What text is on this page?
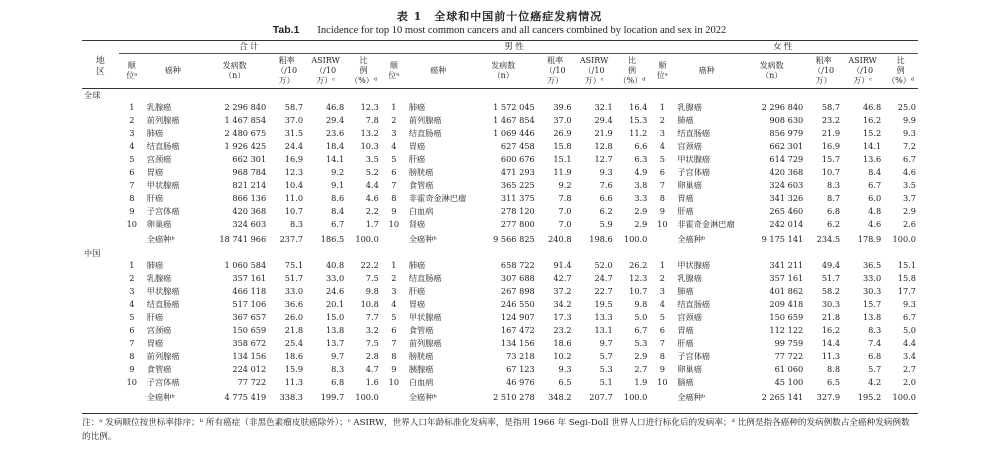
表 1　全球和中国前十位癌症发病情况
Tab.1 Incidence for top 10 most common cancers and all cancers combined by location and sex in 2022
地
区	合计						男性						女性					
	顺
位ᵃ	癌种	发病数
（n）	粗率
（/10
万）	ASIRW
（/10
万）ᶜ	比
例
（%）ᵈ	顺
位ᵃ	癌种	发病数
（n）	粗率
（/10
万）	ASIRW
（/10
万）ᶜ	比
例
（%）ᵈ	顺
位ᵃ	癌种	发病数
（n）	粗率
（/10
万）	ASIRW
（/10
万）ᶜ	比
例
（%）ᵈ
全球																		
	1	乳腺癌	2 296 840	58.7	46.8	12.3	1	肺癌	1 572 045	39.6	32.1	16.4	1	乳腺癌	2 296 840	58.7	46.8	25.0
	2	前列腺癌	1 467 854	37.0	29.4	7.8	2	前列腺癌	1 467 854	37.0	29.4	15.3	2	肺癌	908 630	23.2	16.2	9.9
	3	肺癌	2 480 675	31.5	23.6	13.2	3	结直肠癌	1 069 446	26.9	21.9	11.2	3	结直肠癌	856 979	21.9	15.2	9.3
	4	结直肠癌	1 926 425	24.4	18.4	10.3	4	胃癌	627 458	15.8	12.8	6.6	4	宫颈癌	662 301	16.9	14.1	7.2
	5	宫颈癌	662 301	16.9	14.1	3.5	5	肝癌	600 676	15.1	12.7	6.3	5	甲状腺癌	614 729	15.7	13.6	6.7
	6	胃癌	968 784	12.3	9.2	5.2	6	膀胱癌	471 293	11.9	9.3	4.9	6	子宫体癌	420 368	10.7	8.4	4.6
	7	甲状腺癌	821 214	10.4	9.1	4.4	7	食管癌	365 225	9.2	7.6	3.8	7	卵巢癌	324 603	8.3	6.7	3.5
	8	肝癌	866 136	11.0	8.6	4.6	8	非霍奇金淋巴瘤	311 375	7.8	6.6	3.3	8	胃癌	341 326	8.7	6.0	3.7
	9	子宫体癌	420 368	10.7	8.4	2.2	9	白血病	278 120	7.0	6.2	2.9	9	肝癌	265 460	6.8	4.8	2.9
	10	卵巢癌	324 603	8.3	6.7	1.7	10	肾癌	277 800	7.0	5.9	2.9	10	非霍奇金淋巴瘤	242 014	6.2	4.6	2.6
		全癌种ᵇ	18 741 966	237.7	186.5	100.0		全癌种ᵇ	9 566 825	240.8	198.6	100.0		全癌种ᵇ	9 175 141	234.5	178.9	100.0
中国																		
	1	肺癌	1 060 584	75.1	40.8	22.2	1	肺癌	658 722	91.4	52.0	26.2	1	甲状腺癌	341 211	49.4	36.5	15.1
	2	乳腺癌	357 161	51.7	33.0	7.5	2	结直肠癌	307 688	42.7	24.7	12.3	2	乳腺癌	357 161	51.7	33.0	15.8
	3	甲状腺癌	466 118	33.0	24.6	9.8	3	肝癌	267 898	37.2	22.7	10.7	3	肺癌	401 862	58.2	30.3	17.7
	4	结直肠癌	517 106	36.6	20.1	10.8	4	胃癌	246 550	34.2	19.5	9.8	4	结直肠癌	209 418	30.3	15.7	9.3
	5	肝癌	367 657	26.0	15.0	7.7	5	甲状腺癌	124 907	17.3	13.3	5.0	5	宫颈癌	150 659	21.8	13.8	6.7
	6	宫颈癌	150 659	21.8	13.8	3.2	6	食管癌	167 472	23.2	13.1	6.7	6	胃癌	112 122	16.2	8.3	5.0
	7	胃癌	358 672	25.4	13.7	7.5	7	前列腺癌	134 156	18.6	9.7	5.3	7	肝癌	99 759	14.4	7.4	4.4
	8	前列腺癌	134 156	18.6	9.7	2.8	8	膀胱癌	73 218	10.2	5.7	2.9	8	子宫体癌	77 722	11.3	6.8	3.4
	9	食管癌	224 012	15.9	8.3	4.7	9	胰腺癌	67 123	9.3	5.3	2.7	9	卵巢癌	61 060	8.8	5.7	2.7
	10	子宫体癌	77 722	11.3	6.8	1.6	10	白血病	46 976	6.5	5.1	1.9	10	脑癌	45 100	6.5	4.2	2.0
		全癌种ᵇ	4 775 419	338.3	199.7	100.0		全癌种ᵇ	2 510 278	348.2	207.7	100.0		全癌种ᵇ	2 265 141	327.9	195.2	100.0
注：ᵃ 发病顺位按世标率排序；ᵇ 所有癌症（非黑色素瘤皮肤癌除外）；ᶜ ASIRW，世界人口年龄标准化发病率，是指用 1966 年 Segi-Doll 世界人口进行标化后的发病率；ᵈ 比例是指各癌种的发病例数占全癌种发病例数的比例。
